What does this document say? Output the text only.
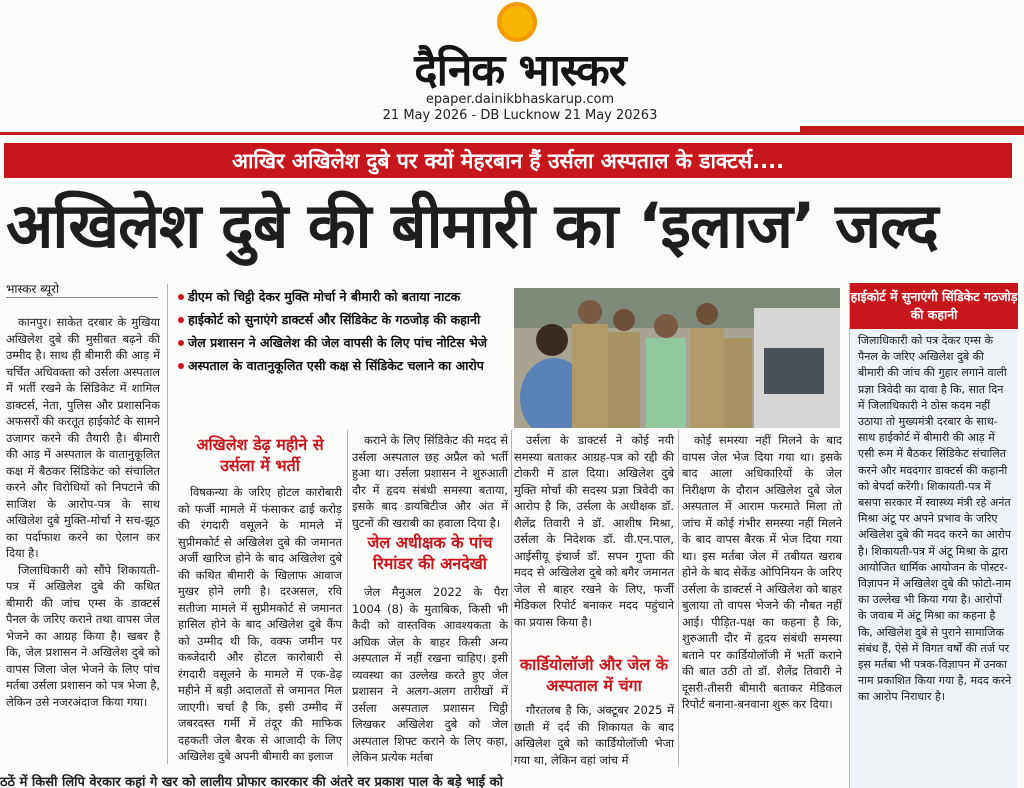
दैनिक भास्कर
epaper.dainikbhaskarup.com
21 May 2026 - DB Lucknow 21 May 20263
आखिर अखिलेश दुबे पर क्यों मेहरबान हैं उर्सला अस्पताल के डाक्टर्स....
अखिलेश दुबे की बीमारी का ‘इलाज’ जल्द
भास्कर ब्यूरो

कानपुर। साकेत दरबार के मुखिया अखिलेश दुबे की मुसीबत बढ़ने की उम्मीद है। साथ ही बीमारी की आड़ में चर्चित अधिवक्ता को उर्सला अस्पताल में भर्ती रखने के सिंडिकेट में शामिल डाक्टर्स, नेता, पुलिस और प्रशासनिक अफसरों की करतूत हाईकोर्ट के सामने उजागर करने की तैयारी है। बीमारी की आड़ में अस्पताल के वातानुकूलित कक्ष में बैठकर सिंडिकेट को संचालित करने और विरोधियों को निपटाने की साजिश के आरोप-पत्र के साथ अखिलेश दुबे मुक्ति-मोर्चा ने सच-झूठ का पर्दाफाश करने का ऐलान कर दिया है।

जिलाधिकारी को सौंपे शिकायती-पत्र में अखिलेश दुबे की कथित बीमारी की जांच एम्स के डाक्टर्स पैनल के जरिए कराने तथा वापस जेल भेजने का आग्रह किया है। खबर है कि, जेल प्रशासन ने अखिलेश दुबे को वापस जिला जेल भेजने के लिए पांच मर्तबा उर्सला प्रशासन को पत्र भेजा है, लेकिन उसे नजरअंदाज किया गया।

डीएम को चिट्ठी देकर मुक्ति मोर्चा ने बीमारी को बताया नाटक
हाईकोर्ट को सुनाएंगे डाक्टर्स और सिंडिकेट के गठजोड़ की कहानी
जेल प्रशासन ने अखिलेश की जेल वापसी के लिए पांच नोटिस भेजे
अस्पताल के वातानुकूलित एसी कक्ष से सिंडिकेट चलाने का आरोप
अखिलेश डेढ़ महीने से उर्सला में भर्ती

विषकन्या के जरिए होटल कारोबारी को फर्जी मामले में फंसाकर ढाई करोड़ की रंगदारी वसूलने के मामले में सुप्रीमकोर्ट से अखिलेश दुबे की जमानत अर्जी खारिज होने के बाद अखिलेश दुबे की कथित बीमारी के खिलाफ आवाज मुखर होने लगी है। दरअसल, रवि सतीजा मामले में सुप्रीमकोर्ट से जमानत हासिल होने के बाद अखिलेश दुबे कैंप को उम्मीद थी कि, वक्फ जमीन पर कब्जेदारी और होटल कारोबारी से रंगदारी वसूलने के मामले में एक-डेढ़ महीने में बड़ी अदालतों से जमानत मिल जाएगी। चर्चा है कि, इसी उम्मीद में जबरदस्त गर्मी में तंदूर की माफिक दहकती जेल बैरक से आजादी के लिए अखिलेश दुबे अपनी बीमारी का इलाज

कराने के लिए सिंडिकेट की मदद से उर्सला अस्पताल छह अप्रैल को भर्ती हुआ था। उर्सला प्रशासन ने शुरुआती दौर में हृदय संबंधी समस्या बताया, इसके बाद डायबिटीज और अंत में घुटनों की खराबी का हवाला दिया है।

जेल अधीक्षक के पांच रिमांडर की अनदेखी

जेल मैनुअल 2022 के पैरा 1004 (8) के मुताबिक, किसी भी कैदी को वास्तविक आवश्यकता के अधिक जेल के बाहर किसी अन्य अस्पताल में नहीं रखना चाहिए। इसी व्यवस्था का उल्लेख करते हुए जेल प्रशासन ने अलग-अलग तारीखों में उर्सला अस्पताल प्रशासन चिट्ठी लिखकर अखिलेश दुबे को जेल अस्पताल शिफ्ट कराने के लिए कहा, लेकिन प्रत्येक मर्तबा

उर्सला के डाक्टर्स ने कोई नयी समस्या बताकर आग्रह-पत्र को रद्दी की टोकरी में डाल दिया। अखिलेश दुबे मुक्ति मोर्चा की सदस्य प्रज्ञा त्रिवेदी का आरोप है कि, उर्सला के अधीक्षक डॉ. शैलेंद्र तिवारी ने डॉ. आशीष मिश्रा, उर्सला के निदेशक डॉ. वी.एन.पाल, आईसीयू इंचार्ज डॉ. सपन गुप्ता की मदद से अखिलेश दुबे को बगैर जमानत जेल से बाहर रखने के लिए, फर्जी मेडिकल रिपोर्ट बनाकर मदद पहुंचाने का प्रयास किया है।

कार्डियोलॉजी और जेल के अस्पताल में चंगा

गौरतलब है कि, अक्टूबर 2025 में छाती में दर्द की शिकायत के बाद अखिलेश दुबे को कार्डियोलॉजी भेजा गया था, लेकिन वहां जांच में

कोई समस्या नहीं मिलने के बाद वापस जेल भेज दिया गया था। इसके बाद आला अधिकारियों के जेल निरीक्षण के दौरान अखिलेश दुबे जेल अस्पताल में आराम फरमाते मिला तो जांच में कोई गंभीर समस्या नहीं मिलने के बाद वापस बैरक में भेज दिया गया था। इस मर्तबा जेल में तबीयत खराब होने के बाद सेकेंड ओपिनियन के जरिए उर्सला के डाक्टर्स ने अखिलेश को बाहर बुलाया तो वापस भेजने की नौबत नहीं आई। पीड़ित-पक्ष का कहना है कि, शुरुआती दौर में हृदय संबंधी समस्या बताने पर कार्डियोलॉजी में भर्ती कराने की बात उठी तो डॉ. शैलेंद्र तिवारी ने दूसरी-तीसरी बीमारी बताकर मेडिकल रिपोर्ट बनाना-बनवाना शुरू कर दिया।

हाईकोर्ट में सुनाएंगी सिंडिकेट गठजोड़ की कहानी
जिलाधिकारी को पत्र देकर एम्स के पैनल के जरिए अखिलेश दुबे की बीमारी की जांच की गुहार लगाने वाली प्रज्ञा त्रिवेदी का दावा है कि, सात दिन में जिलाधिकारी ने ठोस कदम नहीं उठाया तो मुख्यमंत्री दरबार के साथ-साथ हाईकोर्ट में बीमारी की आड़ में एसी रूम में बैठकर सिंडिकेट संचालित करने और मददगार डाक्टर्स की कहानी को बेपर्दा करेंगी। शिकायती-पत्र में बसपा सरकार में स्वास्थ्य मंत्री रहे अनंत मिश्रा अंटू पर अपने प्रभाव के जरिए अखिलेश दुबे की मदद करने का आरोप है। शिकायती-पत्र में अंटू मिश्रा के द्वारा आयोजित धार्मिक आयोजन के पोस्टर-विज्ञापन में अखिलेश दुबे की फोटो-नाम का उल्लेख भी किया गया है। आरोपों के जवाब में अंटू मिश्रा का कहना है कि, अखिलेश दुबे से पुराने सामाजिक संबंध हैं, ऐसे में विगत वर्षों की तर्ज पर इस मर्तबा भी पत्रक-विज्ञापन में उनका नाम प्रकाशित किया गया है, मदद करने का आरोप निराधार है।
ठठें में किसी लिपि वेरकार कहां गे खर को लालीय प्रोफार कारकार की अंतरे वर प्रकाश पाल के बड़े भाई को
